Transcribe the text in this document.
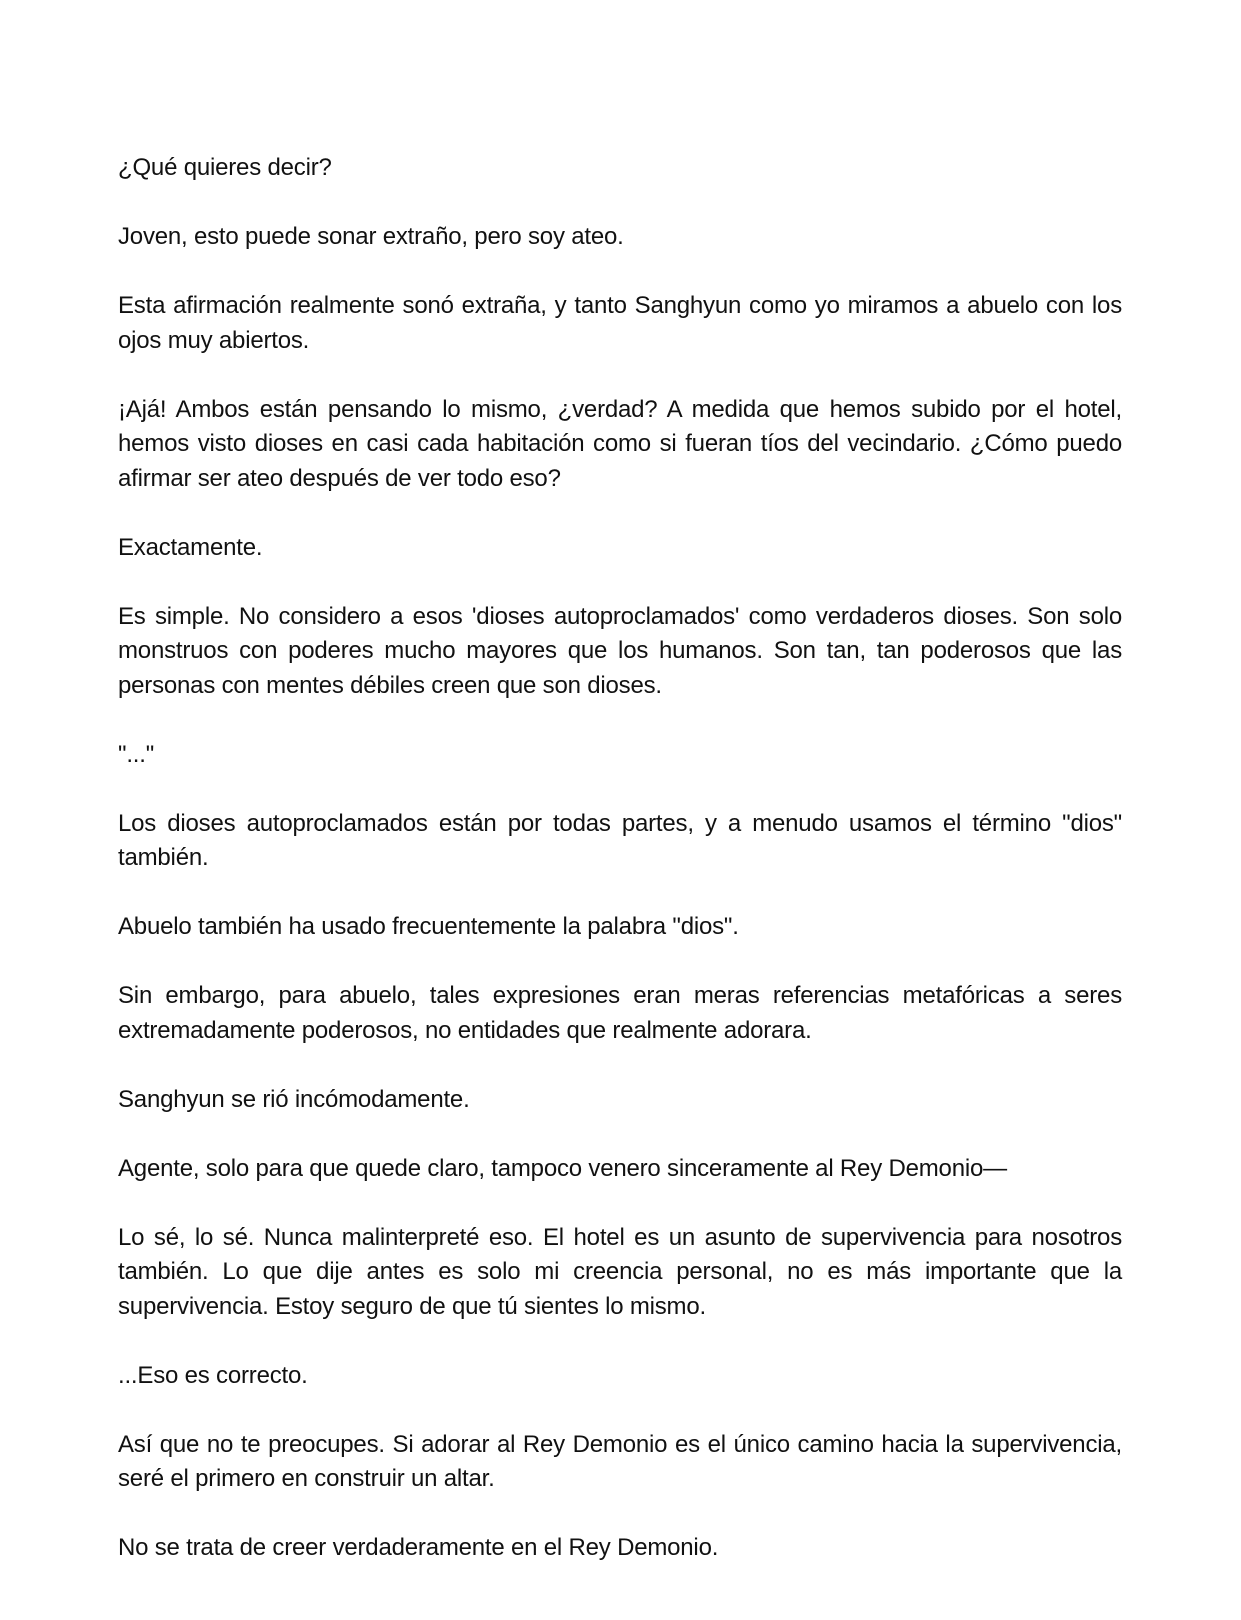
¿Qué quieres decir?

Joven, esto puede sonar extraño, pero soy ateo.

Esta afirmación realmente sonó extraña, y tanto Sanghyun como yo miramos a abuelo con los ojos muy abiertos.

¡Ajá! Ambos están pensando lo mismo, ¿verdad? A medida que hemos subido por el hotel, hemos visto dioses en casi cada habitación como si fueran tíos del vecindario. ¿Cómo puedo afirmar ser ateo después de ver todo eso?

Exactamente.

Es simple. No considero a esos 'dioses autoproclamados' como verdaderos dioses. Son solo monstruos con poderes mucho mayores que los humanos. Son tan, tan poderosos que las personas con mentes débiles creen que son dioses.

"..."

Los dioses autoproclamados están por todas partes, y a menudo usamos el término "dios" también.

Abuelo también ha usado frecuentemente la palabra "dios".

Sin embargo, para abuelo, tales expresiones eran meras referencias metafóricas a seres extremadamente poderosos, no entidades que realmente adorara.

Sanghyun se rió incómodamente.

Agente, solo para que quede claro, tampoco venero sinceramente al Rey Demonio—

Lo sé, lo sé. Nunca malinterpreté eso. El hotel es un asunto de supervivencia para nosotros también. Lo que dije antes es solo mi creencia personal, no es más importante que la supervivencia. Estoy seguro de que tú sientes lo mismo.

...Eso es correcto.

Así que no te preocupes. Si adorar al Rey Demonio es el único camino hacia la supervivencia, seré el primero en construir un altar.

No se trata de creer verdaderamente en el Rey Demonio.
